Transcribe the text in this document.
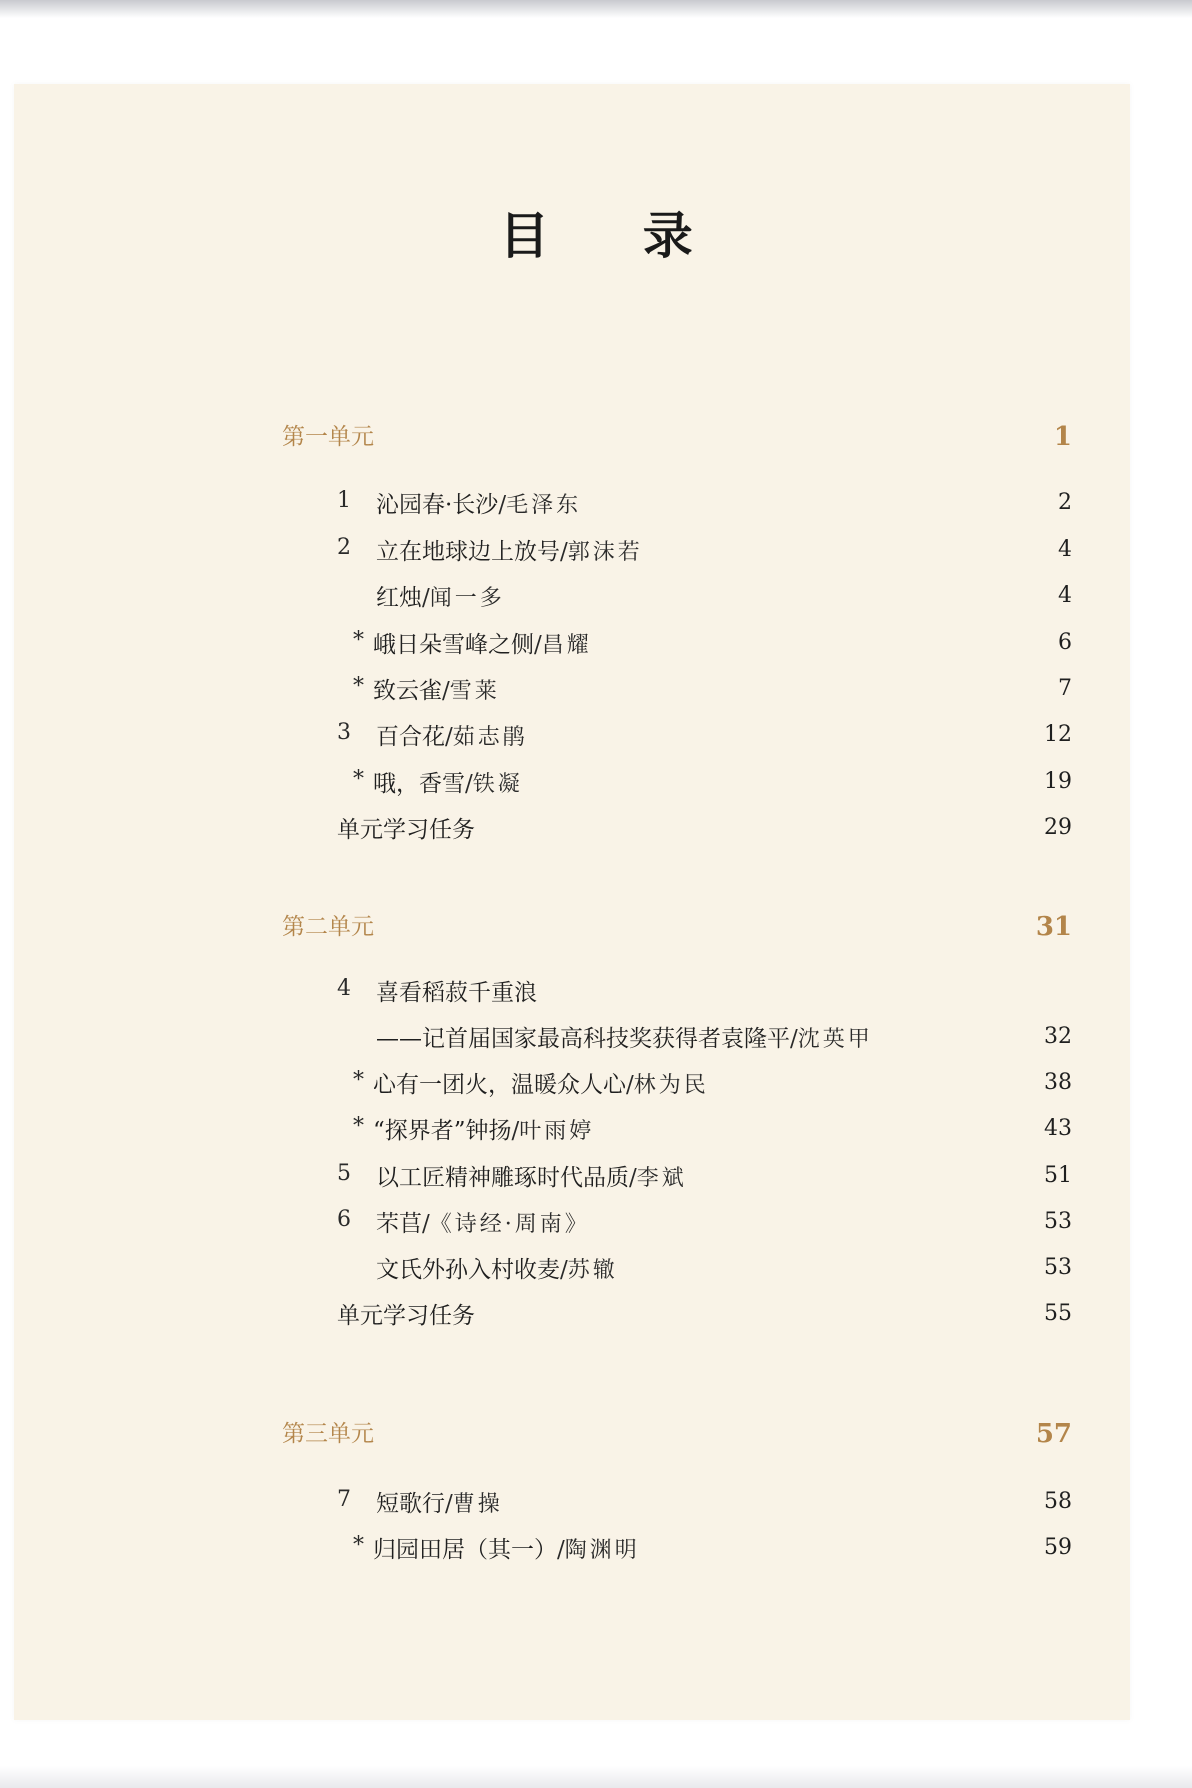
目 录
第一单元	1
1 沁园春·长沙/毛泽东	2
2 立在地球边上放号/郭沫若	4
红烛/闻一多	4
* 峨日朵雪峰之侧/昌耀	6
* 致云雀/雪莱	7
3 百合花/茹志鹃	12
* 哦，香雪/铁凝	19
单元学习任务	29
第二单元	31
4 喜看稻菽千重浪
——记首届国家最高科技奖获得者袁隆平/沈英甲	32
* 心有一团火，温暖众人心/林为民	38
* “探界者”钟扬/叶雨婷	43
5 以工匠精神雕琢时代品质/李斌	51
6 芣苢/《诗经·周南》	53
文氏外孙入村收麦/苏辙	53
单元学习任务	55
第三单元	57
7 短歌行/曹操	58
* 归园田居（其一）/陶渊明	59
